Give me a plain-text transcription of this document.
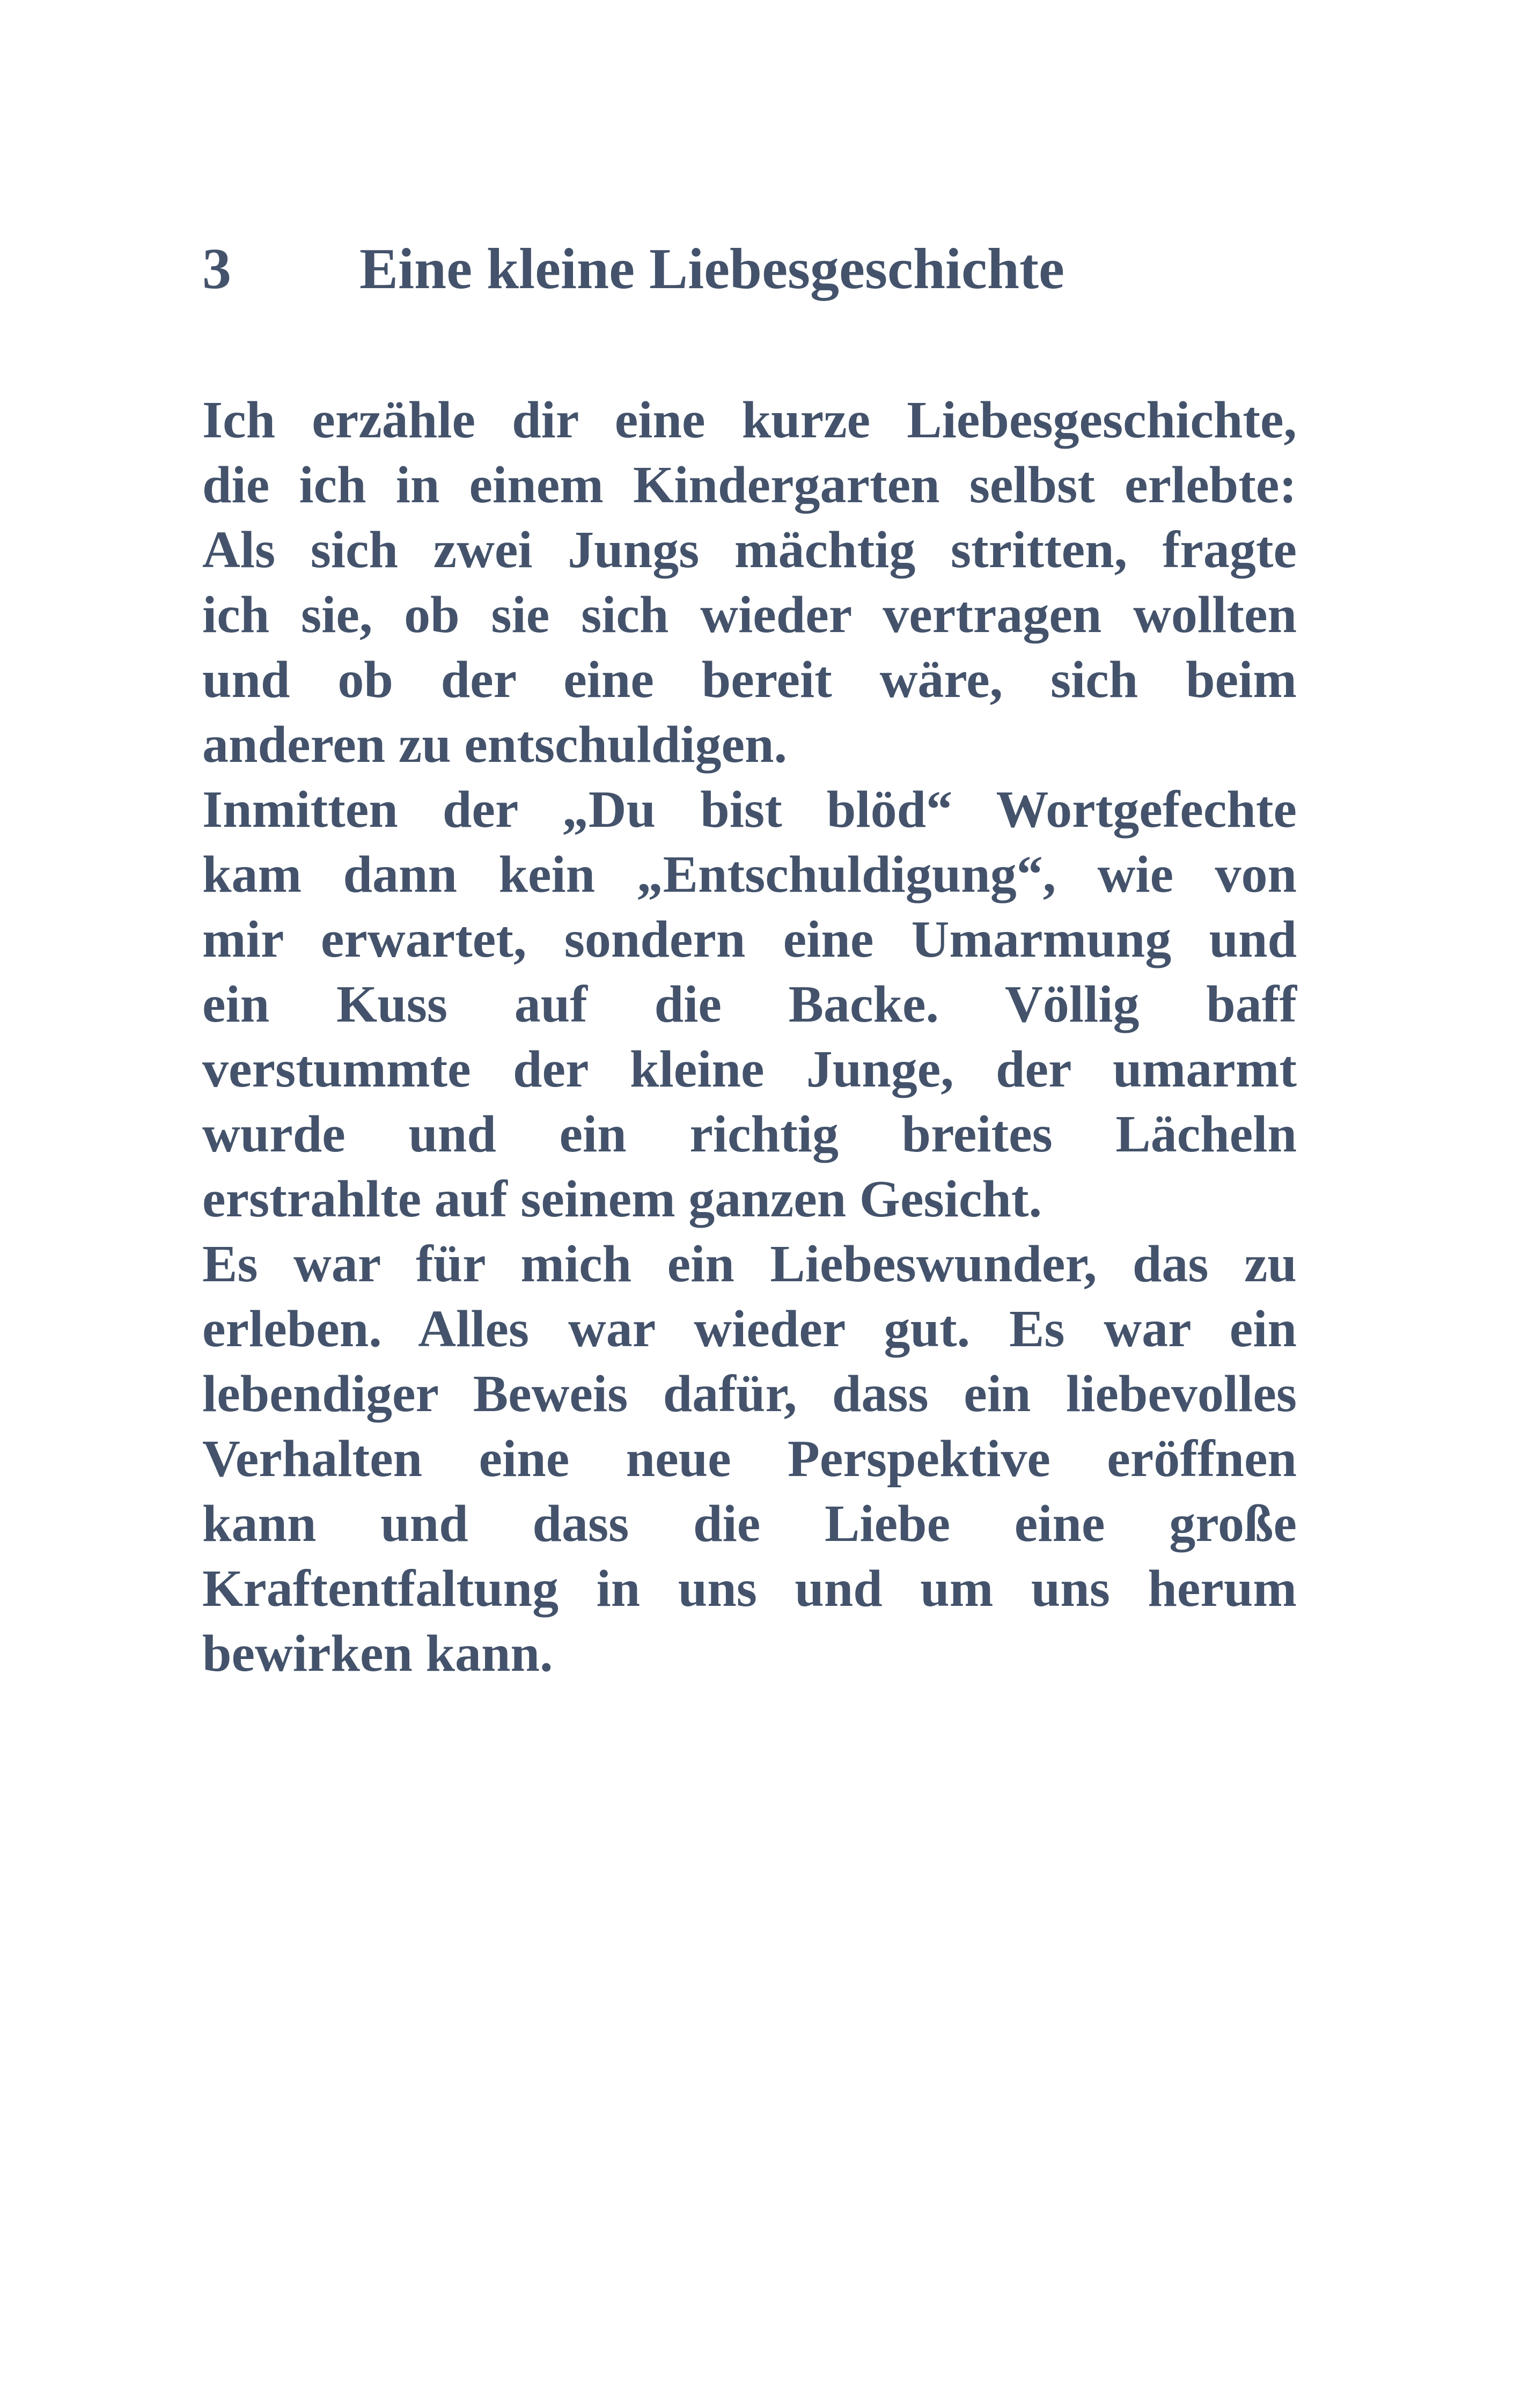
3 Eine kleine Liebesgeschichte
Ich erzähle dir eine kurze Liebesgeschichte,
die ich in einem Kindergarten selbst erlebte:
Als sich zwei Jungs mächtig stritten, fragte
ich sie, ob sie sich wieder vertragen wollten
und ob der eine bereit wäre, sich beim
anderen zu entschuldigen.
Inmitten der „Du bist blöd“ Wortgefechte
kam dann kein „Entschuldigung“, wie von
mir erwartet, sondern eine Umarmung und
ein Kuss auf die Backe. Völlig baff
verstummte der kleine Junge, der umarmt
wurde und ein richtig breites Lächeln
erstrahlte auf seinem ganzen Gesicht.
Es war für mich ein Liebeswunder, das zu
erleben. Alles war wieder gut. Es war ein
lebendiger Beweis dafür, dass ein liebevolles
Verhalten eine neue Perspektive eröffnen
kann und dass die Liebe eine große
Kraftentfaltung in uns und um uns herum
bewirken kann.
